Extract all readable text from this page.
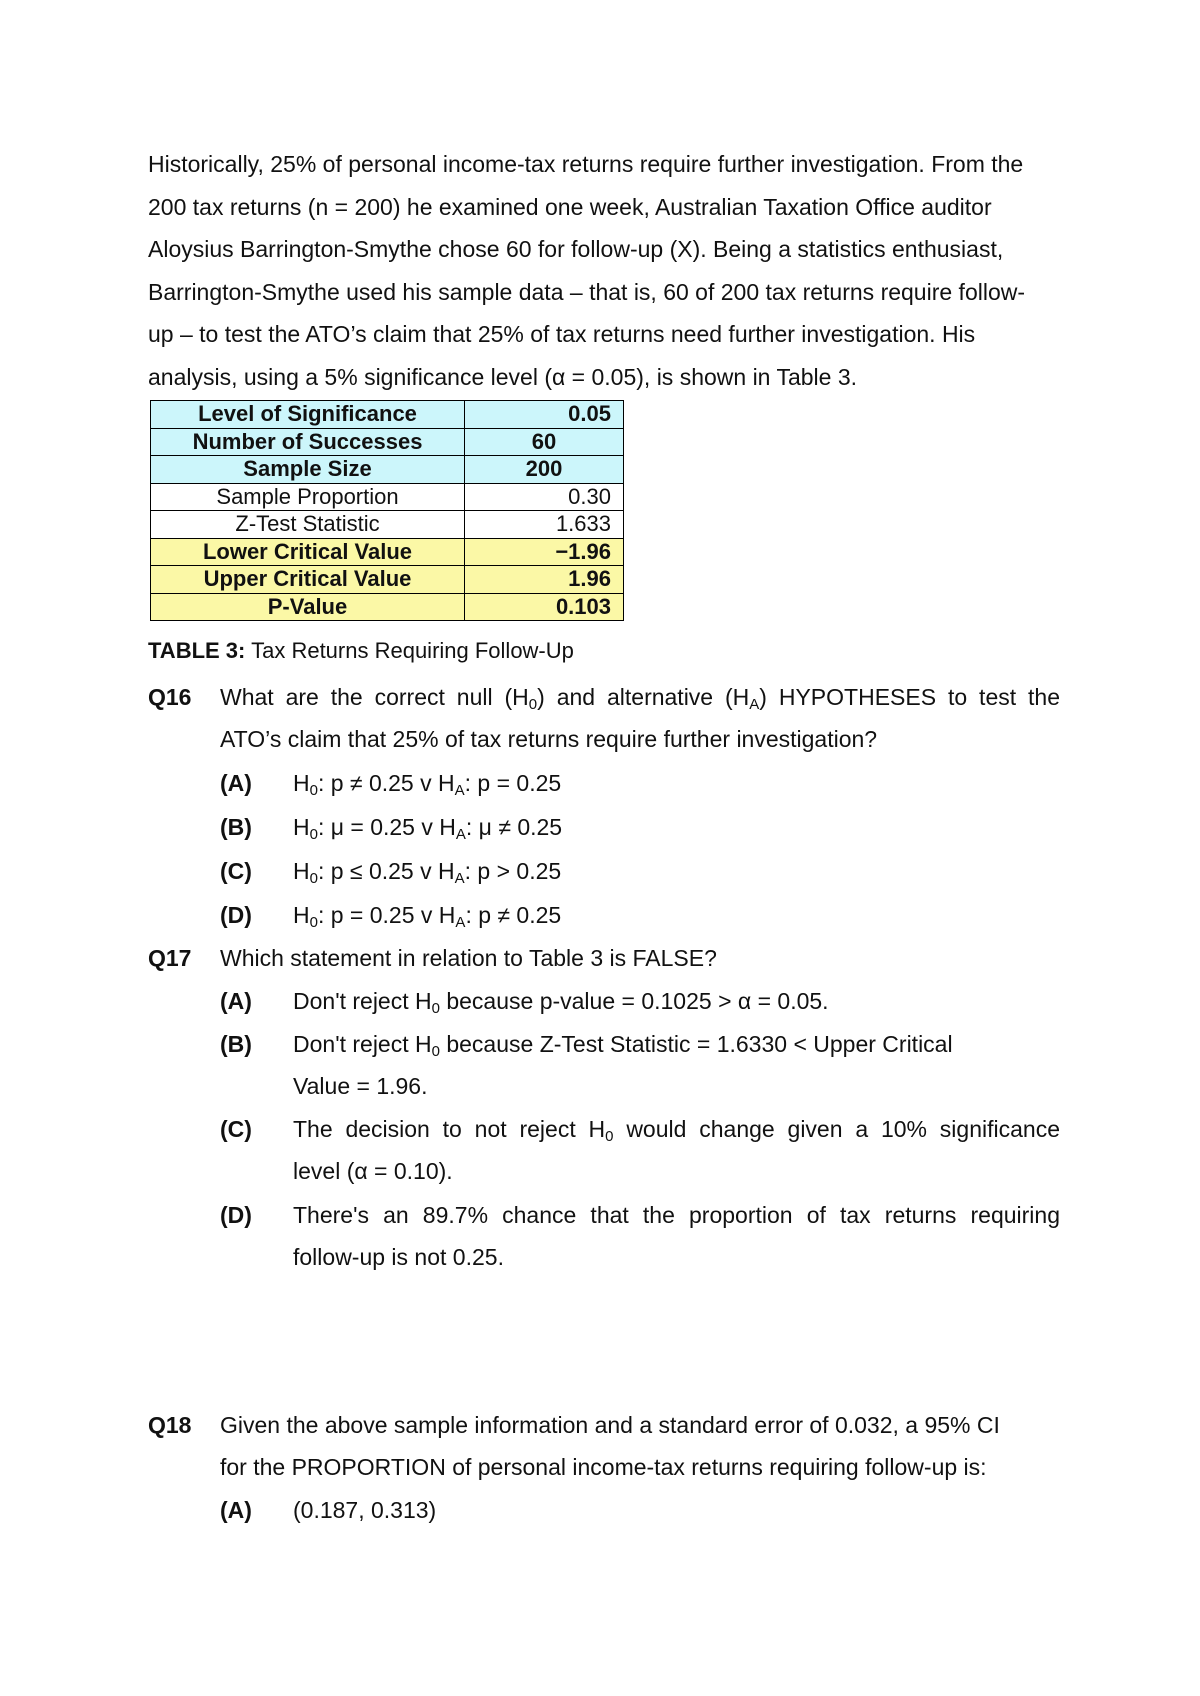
Historically, 25% of personal income-tax returns require further investigation. From the
200 tax returns (n = 200) he examined one week, Australian Taxation Office auditor
Aloysius Barrington-Smythe chose 60 for follow-up (X). Being a statistics enthusiast,
Barrington-Smythe used his sample data – that is, 60 of 200 tax returns require follow-
up – to test the ATO’s claim that 25% of tax returns need further investigation. His
analysis, using a 5% significance level (α = 0.05), is shown in Table 3.
Level of Significance	0.05
Number of Successes	60
Sample Size	200
Sample Proportion	0.30
Z-Test Statistic	1.633
Lower Critical Value	−1.96
Upper Critical Value	1.96
P-Value	0.103
TABLE 3: Tax Returns Requiring Follow-Up
Q16 What are the correct null $(H_0)$ and alternative $(H_A)$ HYPOTHESES to test the
ATO’s claim that 25% of tax returns require further investigation?
(A) $H_0$: p ≠ 0.25 v $H_A$: p = 0.25
(B) $H_0$: μ = 0.25 v $H_A$: μ ≠ 0.25
(C) $H_0$: p ≤ 0.25 v $H_A$: p > 0.25
(D) $H_0$: p = 0.25 v $H_A$: p ≠ 0.25
Q17 Which statement in relation to Table 3 is FALSE?
(A) Don't reject $H_0$ because p-value = 0.1025 > α = 0.05.
(B) Don't reject $H_0$ because Z-Test Statistic = 1.6330 < Upper Critical
Value = 1.96.
(C) The decision to not reject $H_0$ would change given a 10% significance
level (α = 0.10).
(D) There's an 89.7% chance that the proportion of tax returns requiring
follow-up is not 0.25.
Q18 Given the above sample information and a standard error of 0.032, a 95% CI
for the PROPORTION of personal income-tax returns requiring follow-up is:
(A) (0.187, 0.313)
